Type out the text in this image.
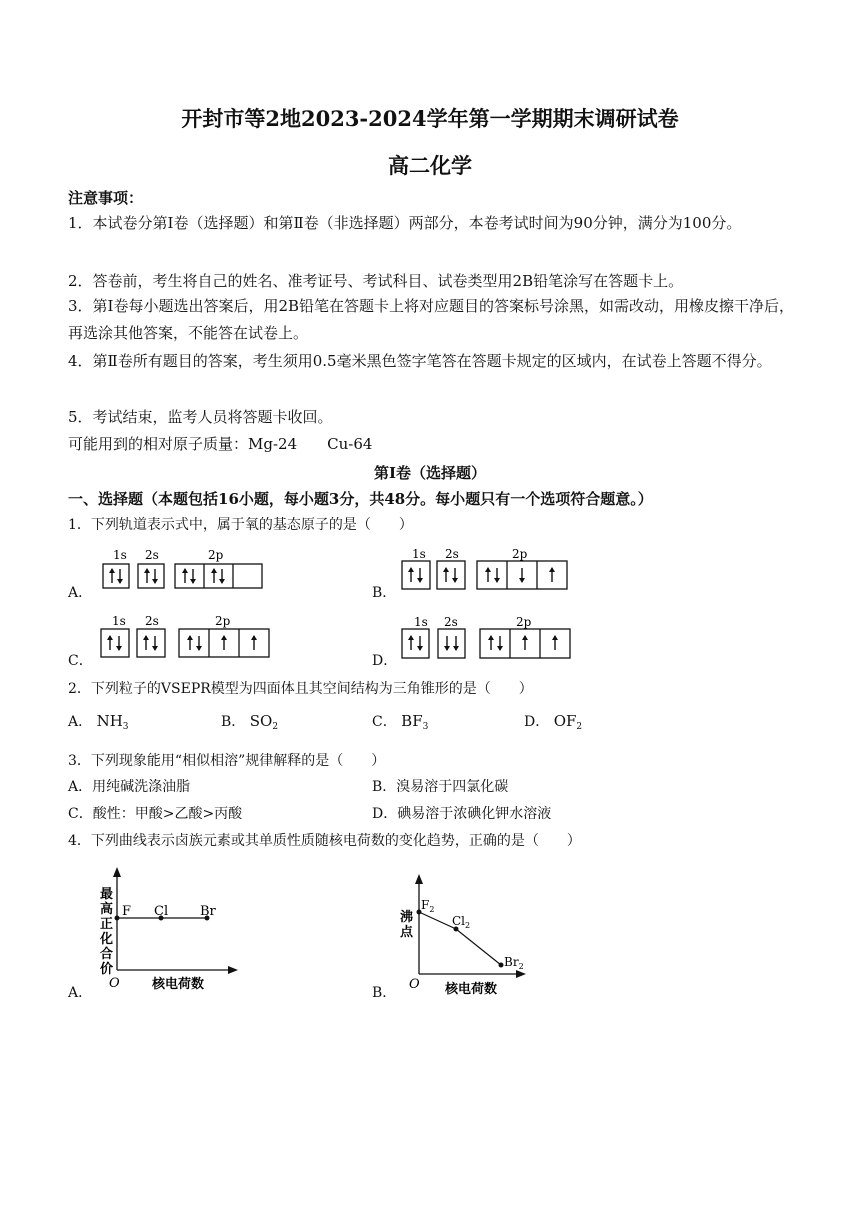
开封市等2地2023-2024学年第一学期期末调研试卷
高二化学
注意事项：
1．本试卷分第Ⅰ卷（选择题）和第Ⅱ卷（非选择题）两部分，本卷考试时间为90分钟，满分为100分。
2．答卷前，考生将自己的姓名、准考证号、考试科目、试卷类型用2B铅笔涂写在答题卡上。
3．第Ⅰ卷每小题选出答案后，用2B铅笔在答题卡上将对应题目的答案标号涂黑，如需改动，用橡皮擦干净后，再选涂其他答案，不能答在试卷上。
4．第Ⅱ卷所有题目的答案，考生须用0.5毫米黑色签字笔答在答题卡规定的区域内，在试卷上答题不得分。
5．考试结束，监考人员将答题卡收回。
可能用到的相对原子质量：Mg-24　　Cu-64
第Ⅰ卷（选择题）
一、选择题（本题包括16小题，每小题3分，共48分。每小题只有一个选项符合题意。）
1．下列轨道表示式中，属于氧的基态原子的是（　　）
A．	B．
C．	D．
1s 2s	2p	1s 2s	2p
1s 2s	2p	1s 2s	2p
最
高
正
化
合
价
O 核电荷数
F Cl Br	沸
点
O 核电荷数
$F_2$
$Cl_2$
$Br_2$
2．下列粒子的VSEPR模型为四面体且其空间结构为三角锥形的是（　　）
A． $NH_3$	B． $SO_2$	C． $BF_3$	D． $OF_2$
3．下列现象能用“相似相溶”规律解释的是（　　）
A．用纯碱洗涤油脂	B．溴易溶于四氯化碳
C．酸性：甲酸>乙酸>丙酸	D．碘易溶于浓碘化钾水溶液
4．下列曲线表示卤族元素或其单质性质随核电荷数的变化趋势，正确的是（　　）
A．	B．
